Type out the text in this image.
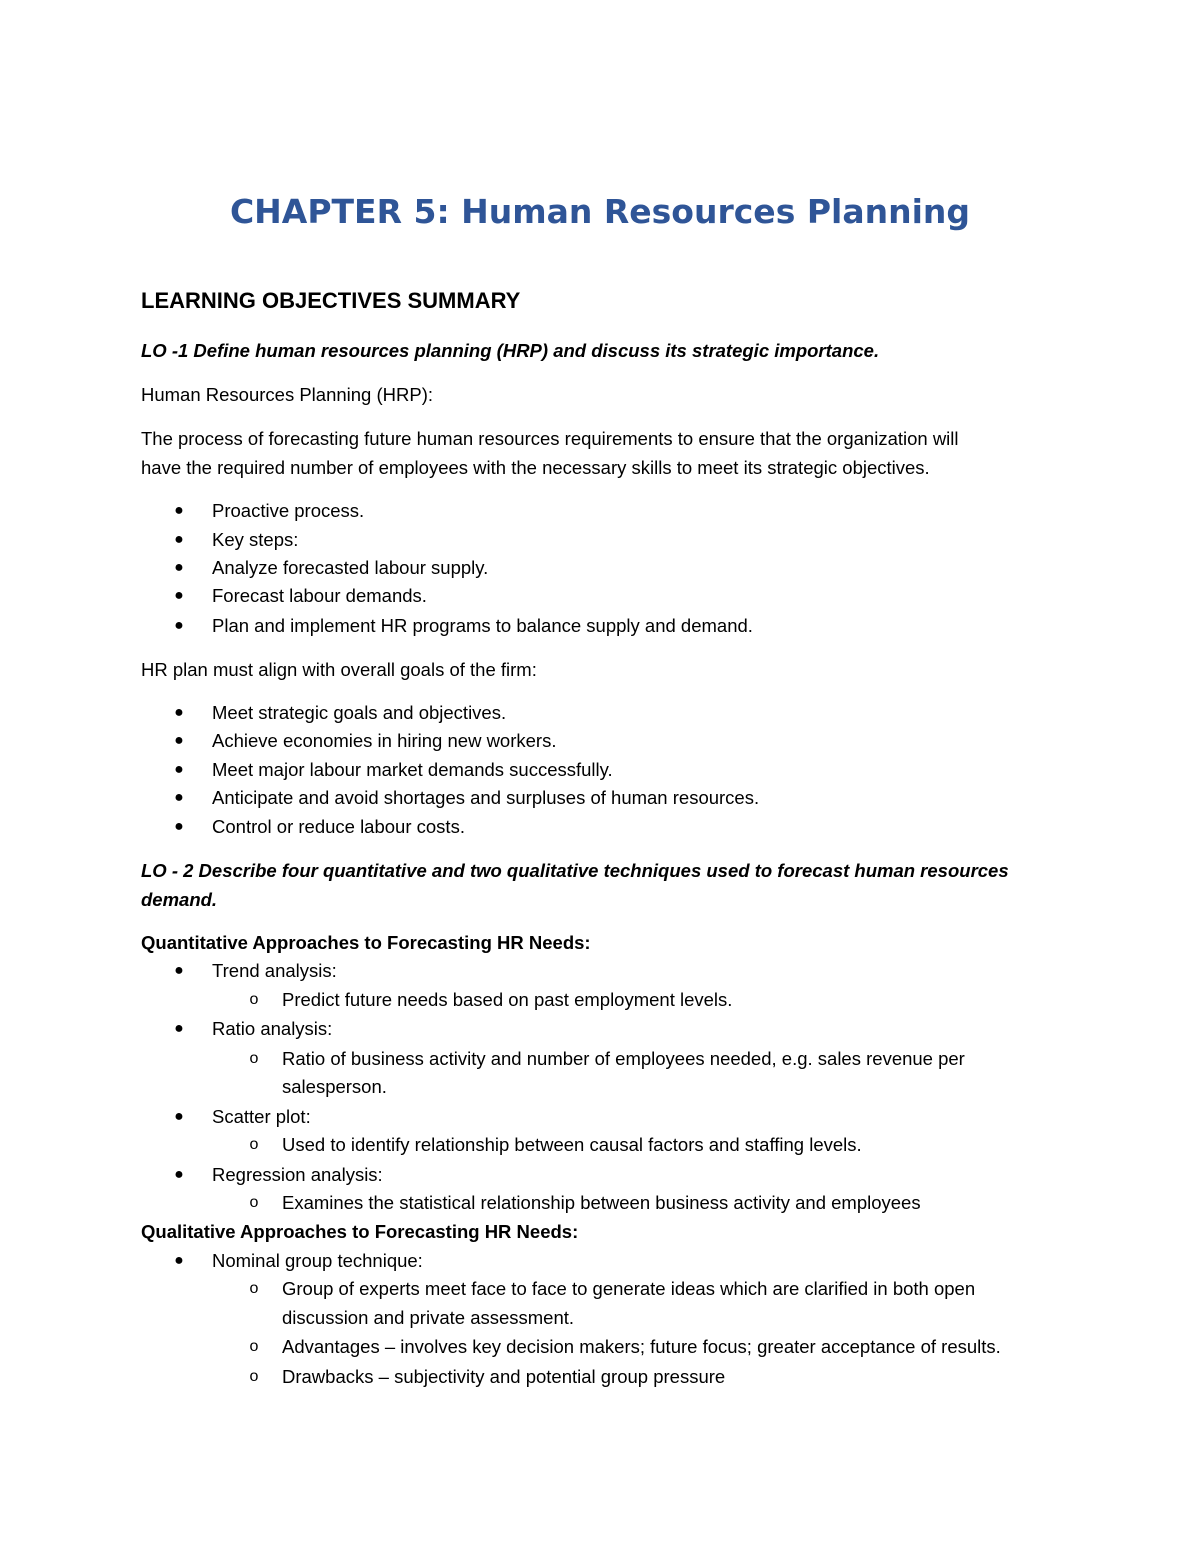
CHAPTER 5: Human Resources Planning
LEARNING OBJECTIVES SUMMARY
LO -1 Define human resources planning (HRP) and discuss its strategic importance.
Human Resources Planning (HRP):
The process of forecasting future human resources requirements to ensure that the organization will
have the required number of employees with the necessary skills to meet its strategic objectives.
● Proactive process.
● Key steps:
● Analyze forecasted labour supply.
● Forecast labour demands.
● Plan and implement HR programs to balance supply and demand.
HR plan must align with overall goals of the firm:
● Meet strategic goals and objectives.
● Achieve economies in hiring new workers.
● Meet major labour market demands successfully.
● Anticipate and avoid shortages and surpluses of human resources.
● Control or reduce labour costs.
LO - 2 Describe four quantitative and two qualitative techniques used to forecast human resources
demand.
Quantitative Approaches to Forecasting HR Needs:
● Trend analysis:
o Predict future needs based on past employment levels.
● Ratio analysis:
o Ratio of business activity and number of employees needed, e.g. sales revenue per
salesperson.
● Scatter plot:
o Used to identify relationship between causal factors and staffing levels.
● Regression analysis:
o Examines the statistical relationship between business activity and employees
Qualitative Approaches to Forecasting HR Needs:
● Nominal group technique:
o Group of experts meet face to face to generate ideas which are clarified in both open
discussion and private assessment.
o Advantages – involves key decision makers; future focus; greater acceptance of results.
o Drawbacks – subjectivity and potential group pressure
